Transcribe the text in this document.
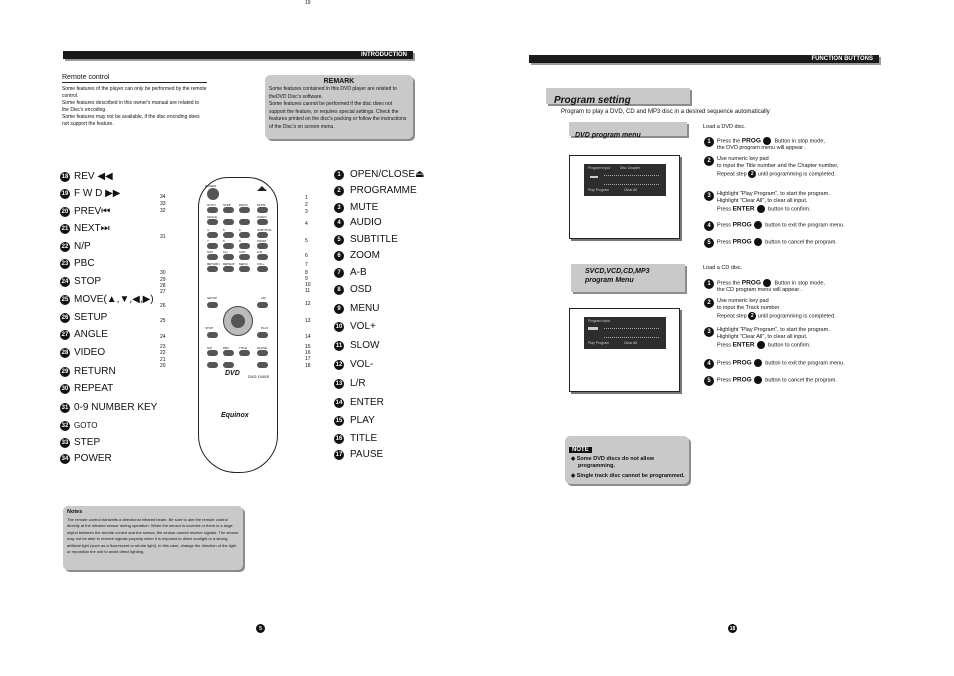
INTRODUCTION
Remote control
Some features of the player can only be performed by the remote control.
Some features described in this owner's manual are related to the Disc's encoding.
Some features may not be available, if the disc encoding does not support the feature.
REMARK
Some features contained in this DVD player are related to theDVD Disc's software.
Some features cannot be performed if the disc does not support the feature, or requires special settings. Check the features printed on the disc's packing or follow the instructions of the Disc's on screen menu.
18 REV ◀◀
19 F W D ▶▶
20 PREV⏮
21 NEXT⏭
22 N/P
23 PBC
24 STOP
25 MOVE(▲,▼,◀,▶)
26 SETUP
27 ANGLE
28 VIDEO
29 RETURN
30 REPEAT
31 0-9 NUMBER KEY
32 GOTO
33 STEP
34 POWER
1 OPEN/CLOSE⏏
2 PROGRAMME
3 MUTE
4 AUDIO
5 SUBTITLE
6 ZOOM
7 A-B
8 OSD
9 MENU
10 VOL+
11 SLOW
12 VOL-
13 L/R
14 ENTER
15 PLAY
16 TITLE
17 PAUSE
34
33
32
31
30
29
28
27
26
25
24
23
22
21
20
1
2
3
4
5
6
7
8
9
10
11
12
13
14
15
16
17
18
19
POWER
SETUP	L/R
STOP	PLAY
DVD DVD 1045S
Equinox
GOTO STEP	PROG	MUTE
ANGLE	AUDIO
4	5	6	SUBTITLE
7	8	9	ZOOM
0/10	10+	OSD	A-B
RETURN REPEAT MENU	VOL+
N/P	PBC	TITLE	PAUSE
Notes
The remote control transmits a directional infrared beam. Be sure to aim the remote control directly at the infrared sensor during operation. When the sensor is covered or there is a large object between the remote control and the sensor, the sensor cannot receive signals. The sensor may not be able to receive signals properly when it is exposed to direct sunlight or a strong artificial light (such as a fluorescent or strobe light). In this case, change the direction of the light or reposition the unit to avoid direct lighting.
5
FUNCTION BUTTONS
Program setting
Program to play a DVD, CD and MP3 disc in a desired sequence automatically
DVD program menu
Program Input	Disc Chapter
Play Program	Clear All
Load a DVD disc.
1	Press the PROG Button in stop mode,
the DVD program menu will appear .
2	Use numeric key pad
to input the Title number and the Chapter number,
Repeat step 2 until programming is completed.
3	Highlight "Play Program", to start the program.
Highlight "Clear All", to clear all input.
Press ENTER button to confirm.
4	Press PROG button to exit the program menu.
5	Press PROG button to cancel the program.
SVCD,VCD,CD,MP3
program Menu
Program Input
Play Program	Clear All
Load a CD disc.
1	Press the PROG Button in stop mode,
the CD program menu will appear .
2	Use numeric key pad
to input the Track number
Repeat step 2 until programming is completed.
3	Highlight "Play Program", to start the program.
Highlight "Clear All", to clear all input.
Press ENTER button to confirm.
4	Press PROG button to exit the program menu.
5	Press PROG button to cancel the program.
NOTE
◆ Some DVD discs do not allow programming.
◆ Single track disc cannot be programmed.
18
